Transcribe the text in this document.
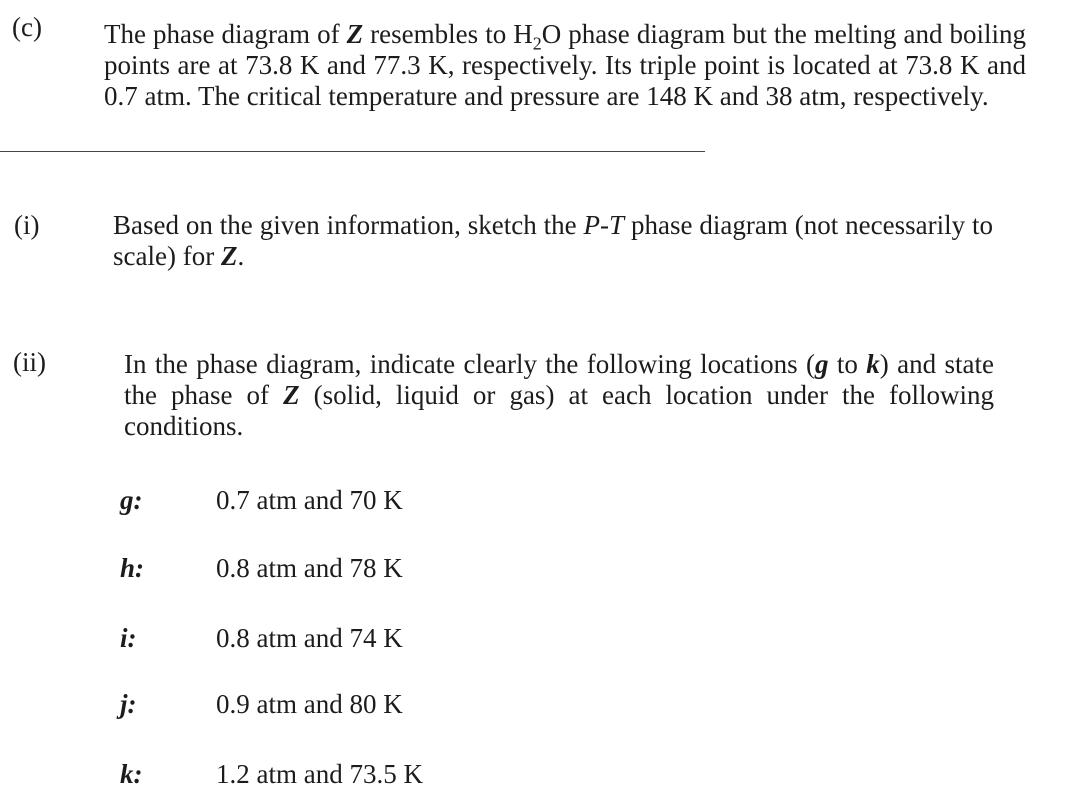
(c) The phase diagram of Z resembles to $H_2O$ phase diagram but the melting and boiling points are at 73.8 K and 77.3 K, respectively. Its triple point is located at 73.8 K and 0.7 atm. The critical temperature and pressure are 148 K and 38 atm, respectively.
(i)	Based on the given information, sketch the P-T phase diagram (not necessarily to scale) for Z.
(ii)	In the phase diagram, indicate clearly the following locations (g to k) and state the phase of Z (solid, liquid or gas) at each location under the following conditions.
g:	0.7 atm and 70 K
h:	0.8 atm and 78 K
i:	0.8 atm and 74 K
j:	0.9 atm and 80 K
k:	1.2 atm and 73.5 K
